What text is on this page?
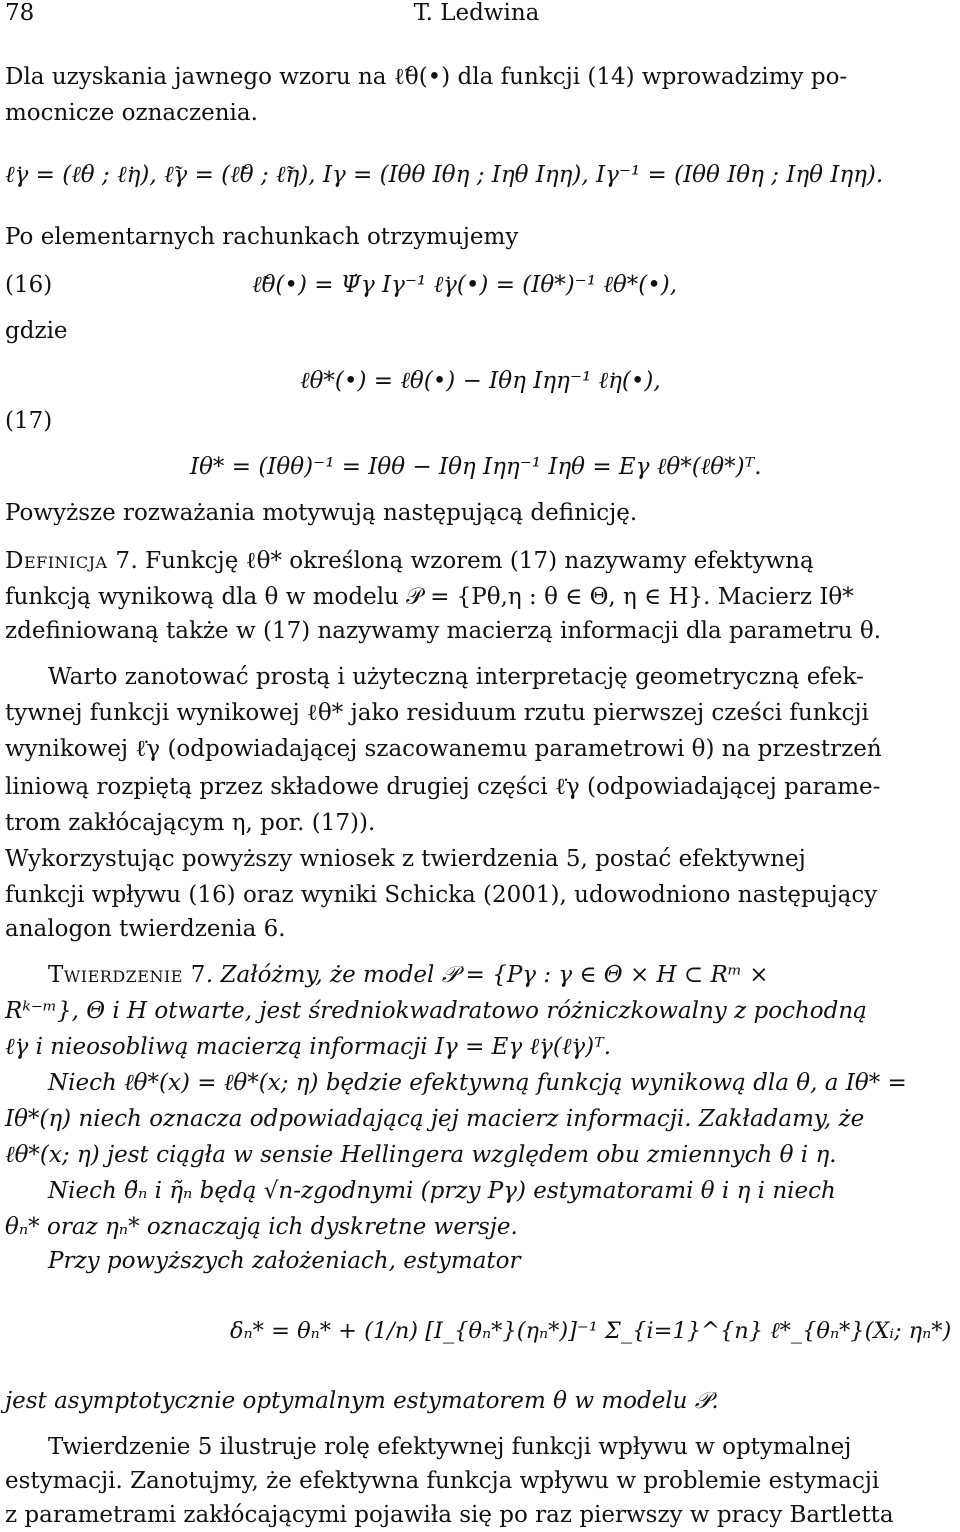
78	T. Ledwina
Dla uzyskania jawnego wzoru na ℓ̃θ(•) dla funkcji (14) wprowadzimy po-
mocnicze oznaczenia.
ℓ̇γ = (ℓ̇θ ; ℓ̇η), ℓ̃γ = (ℓ̃θ ; ℓ̃η), Iγ = (Iθθ Iθη ; Iηθ Iηη), Iγ⁻¹ = (Iθθ Iθη ; Iηθ Iηη).
Po elementarnych rachunkach otrzymujemy
(16)	ℓ̃θ(•) = Ψ̇γ Iγ⁻¹ ℓ̇γ(•) = (Iθ*)⁻¹ ℓθ*(•),
gdzie
ℓθ*(•) = ℓ̇θ(•) − Iθη Iηη⁻¹ ℓ̇η(•),
(17)
Iθ* = (Iθθ)⁻¹ = Iθθ − Iθη Iηη⁻¹ Iηθ = Eγ ℓθ*(ℓθ*)ᵀ.
Powyższe rozważania motywują następującą definicję.
Definicja 7. Funkcję ℓθ* określoną wzorem (17) nazywamy efektywną
funkcją wynikową dla θ w modelu 𝒫 = {Pθ,η : θ ∈ Θ, η ∈ H}. Macierz Iθ*
zdefiniowaną także w (17) nazywamy macierzą informacji dla parametru θ.
Warto zanotować prostą i użyteczną interpretację geometryczną efek-
tywnej funkcji wynikowej ℓθ* jako residuum rzutu pierwszej cześci funkcji
wynikowej ℓ̇γ (odpowiadającej szacowanemu parametrowi θ) na przestrzeń
liniową rozpiętą przez składowe drugiej części ℓ̇γ (odpowiadającej parame-
trom zakłócającym η, por. (17)).
Wykorzystując powyższy wniosek z twierdzenia 5, postać efektywnej
funkcji wpływu (16) oraz wyniki Schicka (2001), udowodniono następujący
analogon twierdzenia 6.
Twierdzenie 7. Załóżmy, że model 𝒫 = {Pγ : γ ∈ Θ × H ⊂ Rᵐ ×
Rᵏ⁻ᵐ}, Θ i H otwarte, jest średniokwadratowo różniczkowalny z pochodną
ℓ̇γ i nieosobliwą macierzą informacji Iγ = Eγ ℓ̇γ(ℓ̇γ)ᵀ.
Niech ℓθ*(x) = ℓθ*(x; η) będzie efektywną funkcją wynikową dla θ, a Iθ* =
Iθ*(η) niech oznacza odpowiadającą jej macierz informacji. Zakładamy, że
ℓθ*(x; η) jest ciągła w sensie Hellingera względem obu zmiennych θ i η.
Niech θ̃ₙ i η̃ₙ będą √n-zgodnymi (przy Pγ) estymatorami θ i η i niech
θₙ* oraz ηₙ* oznaczają ich dyskretne wersje.
Przy powyższych założeniach, estymator
δₙ* = θₙ* + (1/n) [I_{θₙ*}(ηₙ*)]⁻¹ Σ_{i=1}^{n} ℓ*_{θₙ*}(Xᵢ; ηₙ*)
jest asymptotycznie optymalnym estymatorem θ w modelu 𝒫.
Twierdzenie 5 ilustruje rolę efektywnej funkcji wpływu w optymalnej
estymacji. Zanotujmy, że efektywna funkcja wpływu w problemie estymacji
z parametrami zakłócającymi pojawiła się po raz pierwszy w pracy Bartletta
